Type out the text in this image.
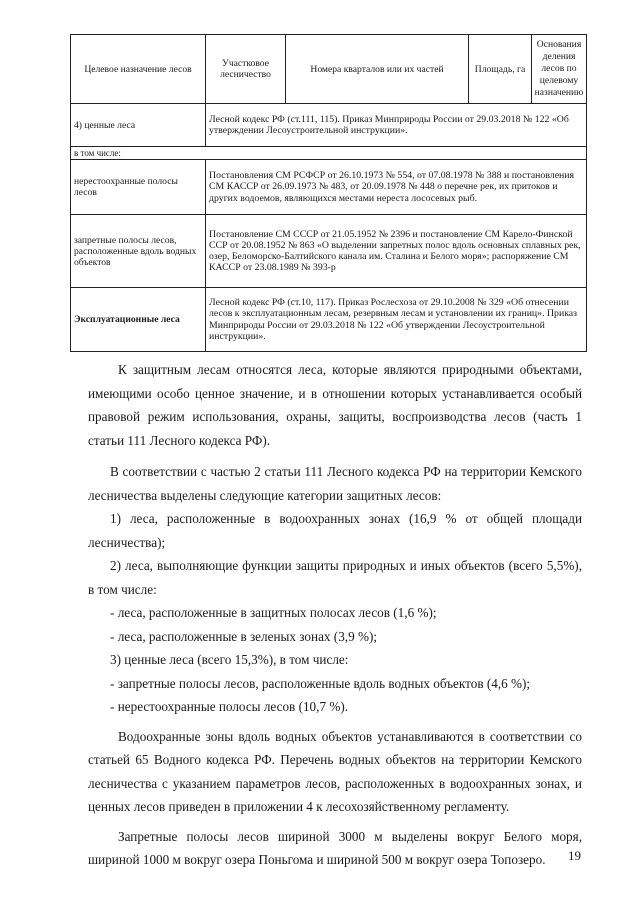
Целевое назначение лесов	Участковое лесничество	Номера кварталов или их частей	Площадь, га	Основания деления лесов по целевому назначению
4) ценные леса	Лесной кодекс РФ (ст.111, 115). Приказ Минприроды России от 29.03.2018 № 122 «Об утверждении Лесоустроительной инструкции».			
в том числе:				
нерестоохранные полосы лесов	Постановления СМ РСФСР от 26.10.1973 № 554, от 07.08.1978 № 388 и постановления СМ КАССР от 26.09.1973 № 483, от 20.09.1978 № 448 о перечне рек, их притоков и других водоемов, являющихся местами нереста лососевых рыб.			
запретные полосы лесов, расположенные вдоль водных объектов	Постановление СМ СССР от 21.05.1952 № 2396 и постановление СМ Карело-Финской ССР от 20.08.1952 № 863 «О выделении запретных полос вдоль основных сплавных рек, озер, Беломорско-Балтийского канала им. Сталина и Белого моря»; распоряжение СМ КАССР от 23.08.1989 № 393-р			
Эксплуатационные леса	Лесной кодекс РФ (ст.10, 117). Приказ Рослесхоза от 29.10.2008 № 329 «Об отнесении лесов к эксплуатационным лесам, резервным лесам и установлении их границ». Приказ Минприроды России от 29.03.2018 № 122 «Об утверждении Лесоустроительной инструкции».			

К защитным лесам относятся леса, которые являются природными объектами, имеющими особо ценное значение, и в отношении которых устанавливается особый правовой режим использования, охраны, защиты, воспроизводства лесов (часть 1 статьи 111 Лесного кодекса РФ).

В соответствии с частью 2 статьи 111 Лесного кодекса РФ на территории Кемского лесничества выделены следующие категории защитных лесов:

1) леса, расположенные в водоохранных зонах (16,9 % от общей площади лесничества);

2) леса, выполняющие функции защиты природных и иных объектов (всего 5,5%), в том числе:

- леса, расположенные в защитных полосах лесов (1,6 %);

- леса, расположенные в зеленых зонах (3,9 %);

3) ценные леса (всего 15,3%), в том числе:

- запретные полосы лесов, расположенные вдоль водных объектов (4,6 %);

- нерестоохранные полосы лесов (10,7 %).

Водоохранные зоны вдоль водных объектов устанавливаются в соответствии со статьей 65 Водного кодекса РФ. Перечень водных объектов на территории Кемского лесничества с указанием параметров лесов, расположенных в водоохранных зонах, и ценных лесов приведен в приложении 4 к лесохозяйственному регламенту.

Запретные полосы лесов шириной 3000 м выделены вокруг Белого моря, шириной 1000 м вокруг озера Поньгома и шириной 500 м вокруг озера Топозеро.	19
